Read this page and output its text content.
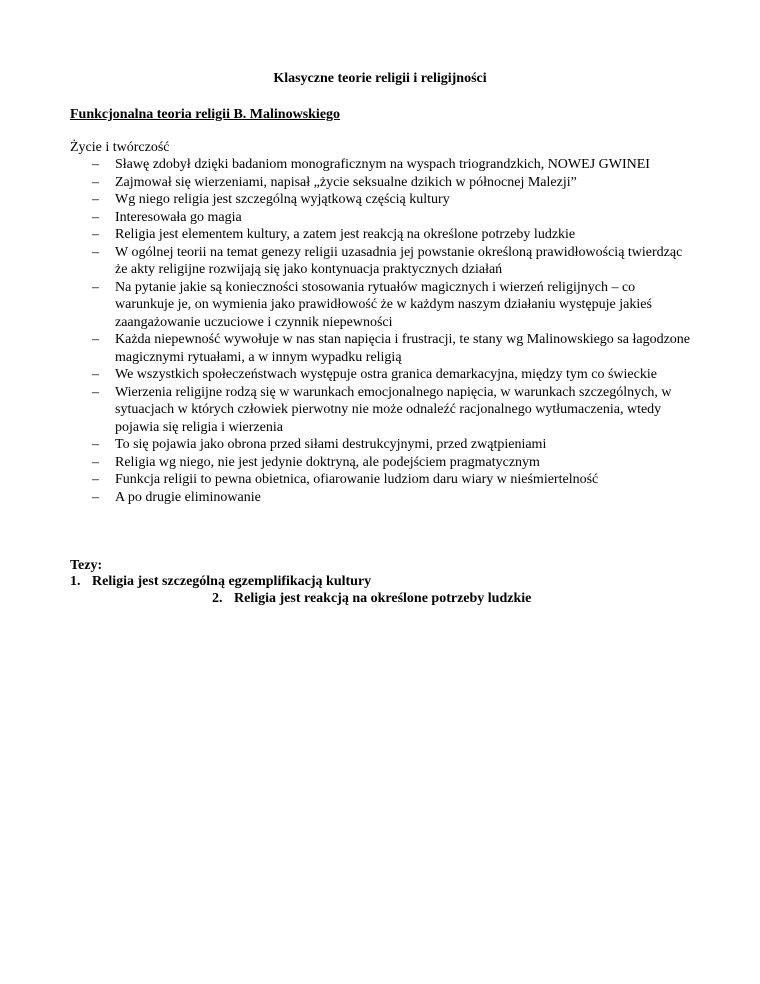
Klasyczne teorie religii i religijności
Funkcjonalna teoria religii B. Malinowskiego

Życie i twórczość

– Sławę zdobył dzięki badaniom monograficznym na wyspach triograndzkich, NOWEJ GWINEI
– Zajmował się wierzeniami, napisał „życie seksualne dzikich w północnej Malezji”
– Wg niego religia jest szczególną wyjątkową częścią kultury
– Interesowała go magia
– Religia jest elementem kultury, a zatem jest reakcją na określone potrzeby ludzkie
– W ogólnej teorii na temat genezy religii uzasadnia jej powstanie określoną prawidłowością twierdząc że akty religijne rozwijają się jako kontynuacja praktycznych działań
– Na pytanie jakie są konieczności stosowania rytuałów magicznych i wierzeń religijnych – co warunkuje je, on wymienia jako prawidłowość że w każdym naszym działaniu występuje jakieś zaangażowanie uczuciowe i czynnik niepewności
– Każda niepewność wywołuje w nas stan napięcia i frustracji, te stany wg Malinowskiego sa łagodzone magicznymi rytuałami, a w innym wypadku religią
– We wszystkich społeczeństwach występuje ostra granica demarkacyjna, między tym co świeckie
– Wierzenia religijne rodzą się w warunkach emocjonalnego napięcia, w warunkach szczególnych, w sytuacjach w których człowiek pierwotny nie może odnaleźć racjonalnego wytłumaczenia, wtedy pojawia się religia i wierzenia
– To się pojawia jako obrona przed siłami destrukcyjnymi, przed zwątpieniami
– Religia wg niego, nie jest jedynie doktryną, ale podejściem pragmatycznym
– Funkcja religii to pewna obietnica, ofiarowanie ludziom daru wiary w nieśmiertelność
– A po drugie eliminowanie

Tezy:

1. Religia jest szczególną egzemplifikacją kultury

2. Religia jest reakcją na określone potrzeby ludzkie
